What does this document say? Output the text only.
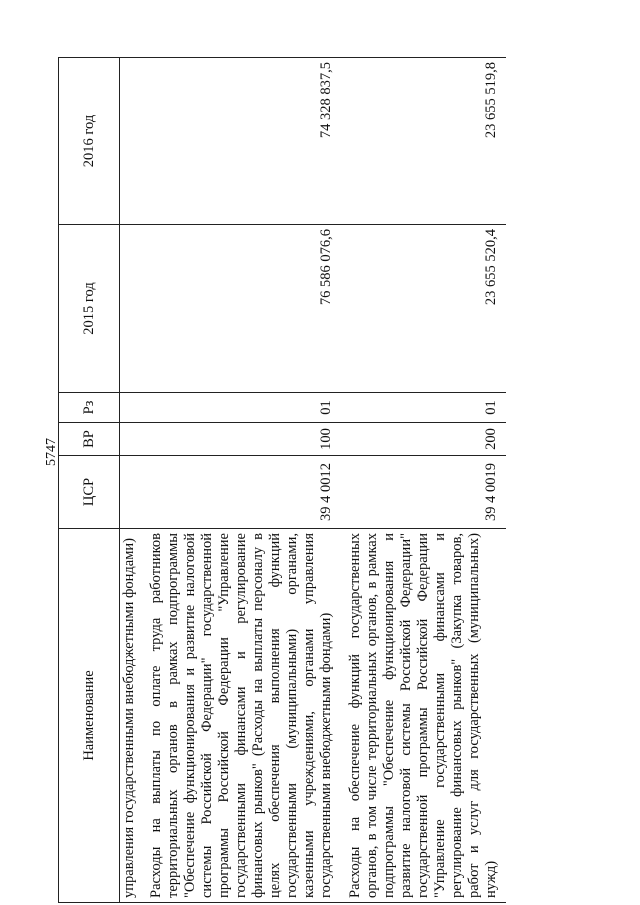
5747
Наименование	ЦСР	ВР	Рз	2015 год	2016 год
управления государственными внебюджетными фондами)					
Расходы на выплаты по оплате труда работников территориальных органов в рамках подпрограммы "Обеспечение функционирования и развитие налоговой системы Российской Федерации" государственной программы Российской Федерации "Управление государственными финансами и регулирование финансовых рынков" (Расходы на выплаты персоналу в целях обеспечения выполнения функций государственными (муниципальными) органами, казенными учреждениями, органами управления государственными внебюджетными фондами)	39 4 0012	100	01	76 586 076,6	74 328 837,5
Расходы на обеспечение функций государственных органов, в том числе территориальных органов, в рамках подпрограммы "Обеспечение функционирования и развитие налоговой системы Российской Федерации" государственной программы Российской Федерации "Управление государственными финансами и регулирование финансовых рынков" (Закупка товаров, работ и услуг для государственных (муниципальных) нужд)	39 4 0019	200	01	23 655 520,4	23 655 519,8
